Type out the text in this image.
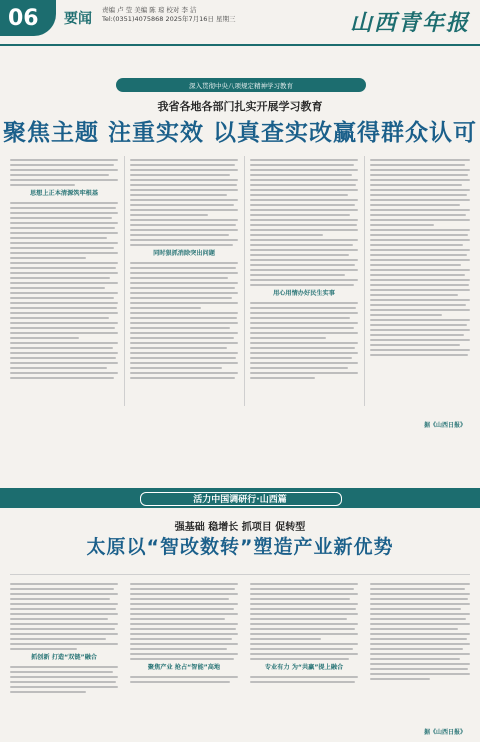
06	要闻
责编 卢 莹 美编 陈 琼 校对 李 洁
Tel:(0351)4075868 2025年7月16日 星期三	山西青年报
深入贯彻中央八项规定精神学习教育
我省各地各部门扎实开展学习教育
聚焦主题 注重实效 以真查实改赢得群众认可
思想上正本清源筑牢根基
同时狠抓消除突出问题
用心用情办好民生实事
据《山西日报》
活力中国调研行·山西篇
强基础 稳增长 抓项目 促转型
太原以“智改数转”塑造产业新优势
抓创新 打造“双链”融合
聚焦产业 抢占“智能”高地	专业有力 为“共赢”提上融合
据《山西日报》
